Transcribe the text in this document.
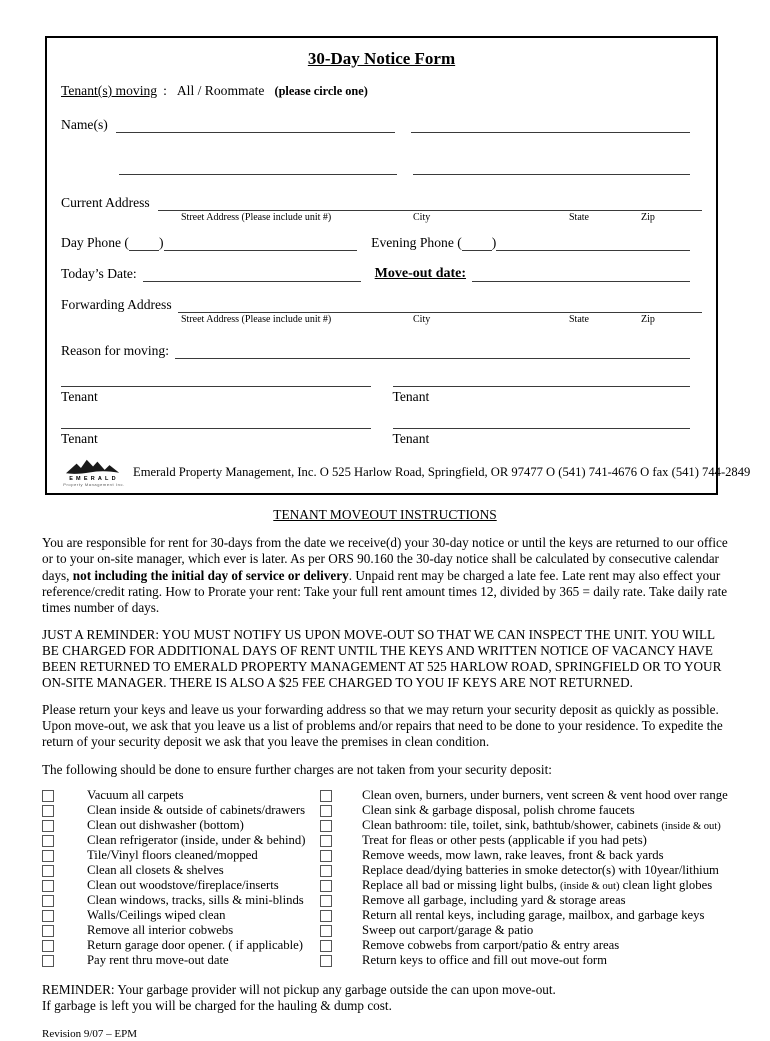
30-Day Notice Form
Tenant(s) moving : All / Roommate (please circle one)
Name(s)
Current Address
Street Address (Please include unit #)	City	State	Zip
Day Phone ( )	Evening Phone ( )
Today’s Date:	Move-out date:
Forwarding Address
Street Address (Please include unit #)	City	State	Zip
Reason for moving:
Tenant	Tenant
Tenant	Tenant
EMERALD
Property Management Inc.
Emerald Property Management, Inc. O 525 Harlow Road, Springfield, OR 97477 O (541) 741-4676 O fax (541) 744-2849
TENANT MOVEOUT INSTRUCTIONS

You are responsible for rent for 30-days from the date we receive(d) your 30-day notice or until the keys are returned to our office or to your on-site manager, which ever is later. As per ORS 90.160 the 30-day notice shall be calculated by consecutive calendar days, not including the initial day of service or delivery. Unpaid rent may be charged a late fee. Late rent may also effect your reference/credit rating. How to Prorate your rent: Take your full rent amount times 12, divided by 365 = daily rate. Take daily rate times number of days.

JUST A REMINDER: YOU MUST NOTIFY US UPON MOVE-OUT SO THAT WE CAN INSPECT THE UNIT. YOU WILL BE CHARGED FOR ADDITIONAL DAYS OF RENT UNTIL THE KEYS AND WRITTEN NOTICE OF VACANCY HAVE BEEN RETURNED TO EMERALD PROPERTY MANAGEMENT AT 525 HARLOW ROAD, SPRINGFIELD OR TO YOUR ON-SITE MANAGER. THERE IS ALSO A $25 FEE CHARGED TO YOU IF KEYS ARE NOT RETURNED.

Please return your keys and leave us your forwarding address so that we may return your security deposit as quickly as possible. Upon move-out, we ask that you leave us a list of problems and/or repairs that need to be done to your residence. To expedite the return of your security deposit we ask that you leave the premises in clean condition.

The following should be done to ensure further charges are not taken from your security deposit:
Vacuum all carpets
Clean inside & outside of cabinets/drawers
Clean out dishwasher (bottom)
Clean refrigerator (inside, under & behind)
Tile/Vinyl floors cleaned/mopped
Clean all closets & shelves
Clean out woodstove/fireplace/inserts
Clean windows, tracks, sills & mini-blinds
Walls/Ceilings wiped clean
Remove all interior cobwebs
Return garage door opener. ( if applicable)
Pay rent thru move-out date
Clean oven, burners, under burners, vent screen & vent hood over range
Clean sink & garbage disposal, polish chrome faucets
Clean bathroom: tile, toilet, sink, bathtub/shower, cabinets (inside & out)
Treat for fleas or other pests (applicable if you had pets)
Remove weeds, mow lawn, rake leaves, front & back yards
Replace dead/dying batteries in smoke detector(s) with 10year/lithium
Replace all bad or missing light bulbs, (inside & out) clean light globes
Remove all garbage, including yard & storage areas
Return all rental keys, including garage, mailbox, and garbage keys
Sweep out carport/garage & patio
Remove cobwebs from carport/patio & entry areas
Return keys to office and fill out move-out form
REMINDER: Your garbage provider will not pickup any garbage outside the can upon move-out.
If garbage is left you will be charged for the hauling & dump cost.
Revision 9/07 – EPM
